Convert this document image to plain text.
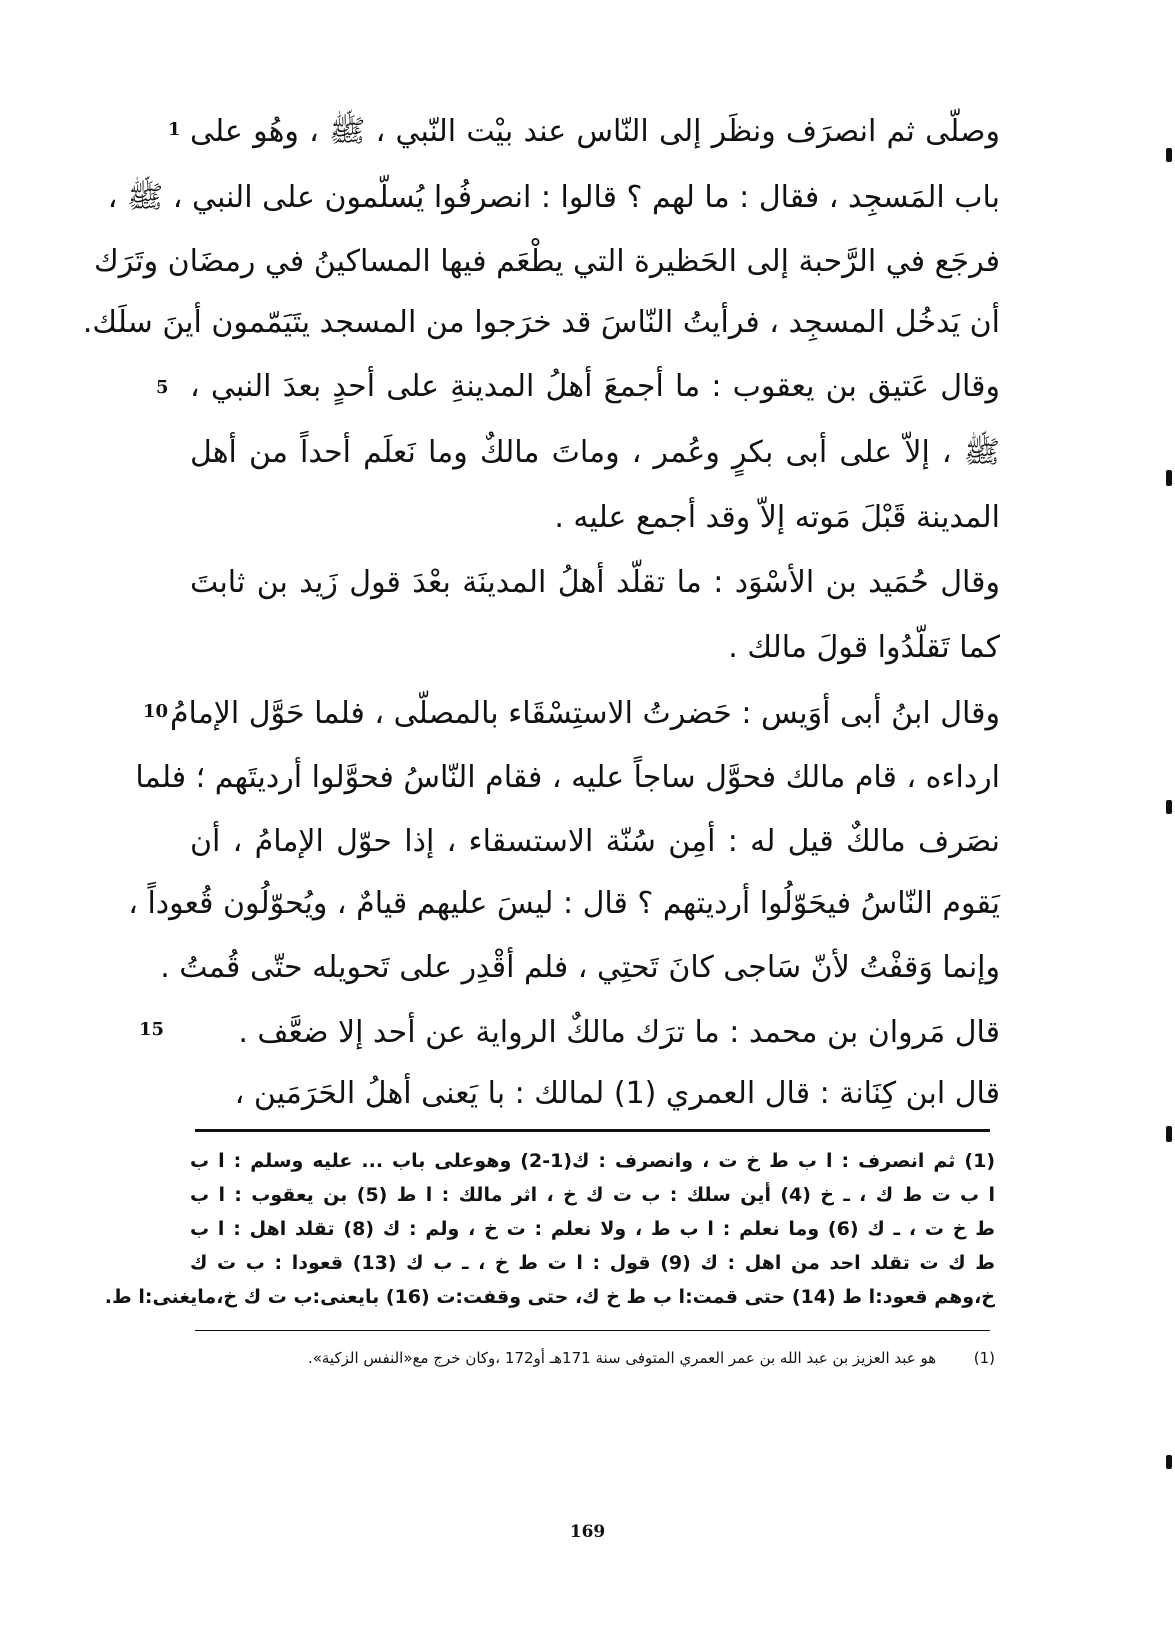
وصلّى ثم انصرَف ونظَر إلى النّاس عند بيْت النّبي ، ﷺ ، وهُو على
باب المَسجِد ، فقال : ما لهم ؟ قالوا : انصرفُوا يُسلّمون على النبي ، ﷺ ،
فرجَع في الرَّحبة إلى الحَظيرة التي يطْعَم فيها المساكينُ في رمضَان وتَرَك
أن يَدخُل المسجِد ، فرأيتُ النّاسَ قد خرَجوا من المسجد يتَيَمّمون أينَ سلَك.
وقال عَتيق بن يعقوب : ما أجمعَ أهلُ المدينةِ على أحدٍ بعدَ النبي ،
ﷺ ، إلاّ على أبى بكرٍ وعُمر ، وماتَ مالكٌ وما نَعلَم أحداً من أهل
المدينة قَبْلَ مَوته إلاّ وقد أجمع عليه .
وقال حُمَيد بن الأسْوَد : ما تقلّد أهلُ المدينَة بعْدَ قول زَيد بن ثابتَ
كما تَقلّدُوا قولَ مالك .
وقال ابنُ أبى أوَيس : حَضرتُ الاستِسْقَاء بالمصلّى ، فلما حَوَّل الإمامُ
ارداءه ، قام مالك فحوَّل ساجاً عليه ، فقام النّاسُ فحوَّلوا أرديتَهم ؛ فلما
نصَرف مالكٌ قيل له : أمِن سُنّة الاستسقاء ، إذا حوّل الإمامُ ، أن
يَقوم النّاسُ فيحَوّلُوا أرديتهم ؟ قال : ليسَ عليهم قيامٌ ، ويُحوّلُون قُعوداً ،
وإنما وَقفْتُ لأنّ سَاجى كانَ تَحتِي ، فلم أقْدِر على تَحويله حتّى قُمتُ .
قال مَروان بن محمد : ما ترَك مالكٌ الرواية عن أحد إلا ضعَّف .
قال ابن كِنَانة : قال العمري (1) لمالك : با يَعنى أهلُ الحَرَمَين ،
1
5
10
15
(1) ثم انصرف : ا ب ط خ ت ، وانصرف : ك(1-2) وهوعلى باب ... عليه وسلم : ا ب
ا ب ت ط ك ، ـ خ (4) أين سلك : ب ت ك خ ، اثر مالك : ا ط (5) بن يعقوب : ا ب
ط خ ت ، ـ ك (6) وما نعلم : ا ب ط ، ولا نعلم : ت خ ، ولم : ك (8) تقلد اهل : ا ب
ط ك ت تقلد احد من اهل : ك (9) قول : ا ت ط خ ، ـ ب ك (13) قعودا : ب ت ك
خ،وهم قعود:ا ط (14) حتى قمت:ا ب ط خ ك، حتى وقفت:ت (16) بايعنى:ب ت ك خ،مايغنى:ا ط.
(1)  هو عبد العزيز بن عبد الله بن عمر العمري المتوفى سنة 171هـ أو172 ،وكان خرج مع«النفس الزكية».
169
